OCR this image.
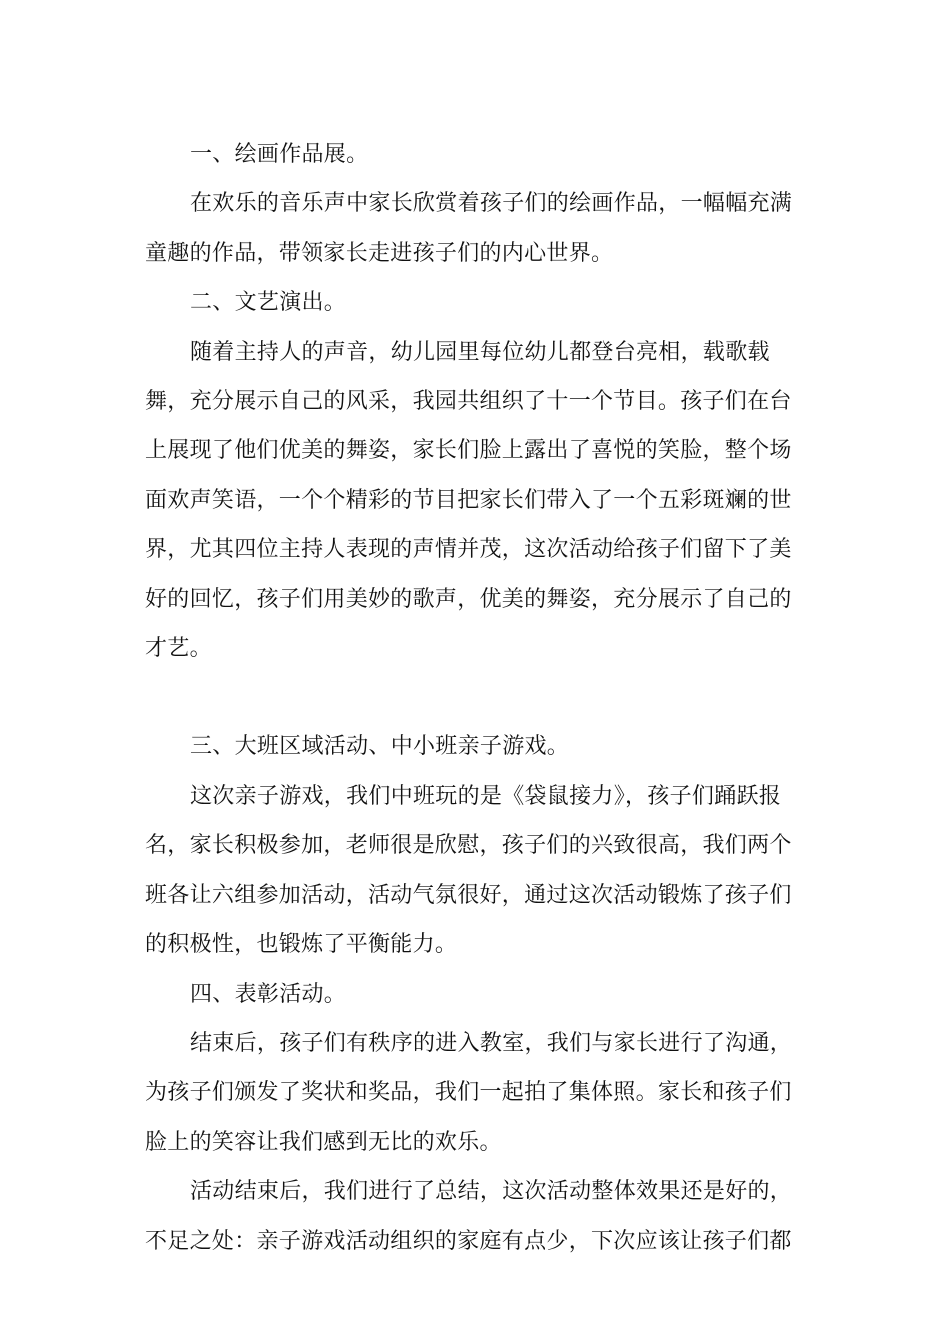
一、绘画作品展。

在欢乐的音乐声中家长欣赏着孩子们的绘画作品，一幅幅充满童趣的作品，带领家长走进孩子们的内心世界。

二、文艺演出。

随着主持人的声音，幼儿园里每位幼儿都登台亮相，载歌载舞，充分展示自己的风采，我园共组织了十一个节目。孩子们在台上展现了他们优美的舞姿，家长们脸上露出了喜悦的笑脸，整个场面欢声笑语，一个个精彩的节目把家长们带入了一个五彩斑斓的世界，尤其四位主持人表现的声情并茂，这次活动给孩子们留下了美好的回忆，孩子们用美妙的歌声，优美的舞姿，充分展示了自己的才艺。

三、大班区域活动、中小班亲子游戏。

这次亲子游戏，我们中班玩的是《袋鼠接力》，孩子们踊跃报名，家长积极参加，老师很是欣慰，孩子们的兴致很高，我们两个班各让六组参加活动，活动气氛很好，通过这次活动锻炼了孩子们的积极性，也锻炼了平衡能力。

四、表彰活动。

结束后，孩子们有秩序的进入教室，我们与家长进行了沟通，为孩子们颁发了奖状和奖品，我们一起拍了集体照。家长和孩子们脸上的笑容让我们感到无比的欢乐。

活动结束后，我们进行了总结，这次活动整体效果还是好的，不足之处：亲子游戏活动组织的家庭有点少，下次应该让孩子们都
